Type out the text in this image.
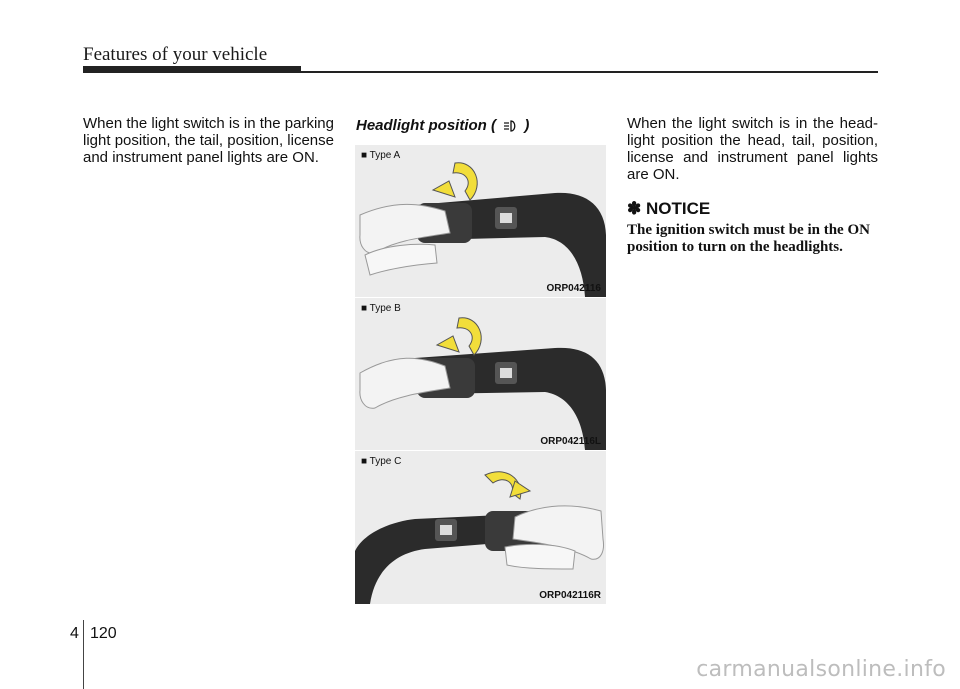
Features of your vehicle

When the light switch is in the parking light position, the tail, position, license and instrument panel lights are ON.

Headlight position ( )
■ Type A
ORP042116
■ Type B
ORP042116L
■ Type C
ORP042116R

When the light switch is in the head-light position the head, tail, position, license and instrument panel lights are ON.

✽ NOTICE

The ignition switch must be in the ON position to turn on the headlights.

4 120
carmanualsonline.info
